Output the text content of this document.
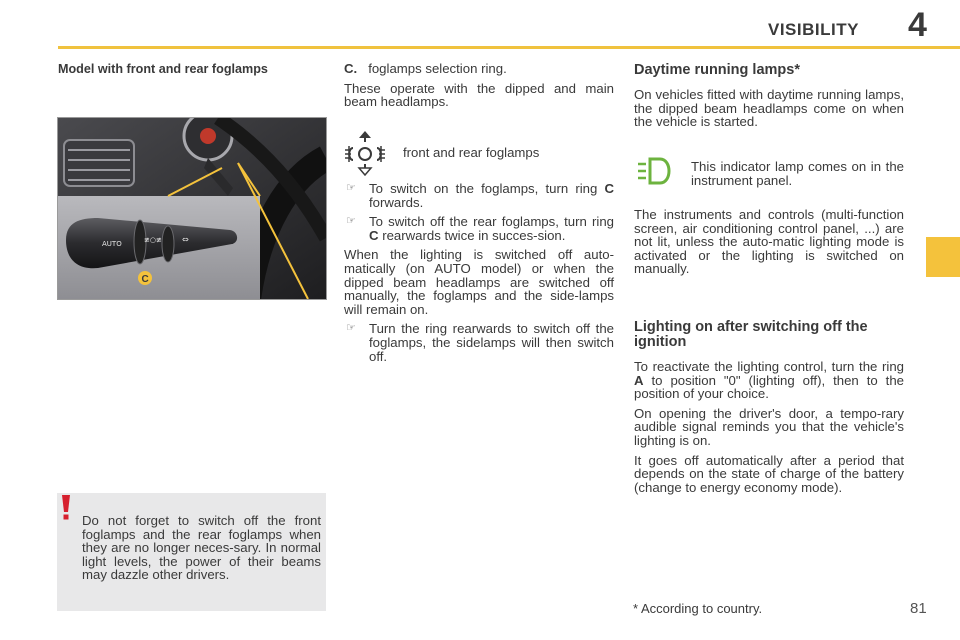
VISIBILITY 4
Model with front and rear foglamps
AUTO	≢○≢	⇔
C
Do not forget to switch off the front foglamps and the rear foglamps when they are no longer neces-sary. In normal light levels, the power of their beams may dazzle other drivers.

C. foglamps selection ring.

These operate with the dipped and main beam headlamps.

front and rear foglamps
☞ To switch on the foglamps, turn ring C forwards.
☞ To switch off the rear foglamps, turn ring C rearwards twice in succes-sion.

When the lighting is switched off auto-matically (on AUTO model) or when the dipped beam headlamps are switched off manually, the foglamps and the side-lamps will remain on.

☞ Turn the ring rearwards to switch off the foglamps, the sidelamps will then switch off.
Daytime running lamps*
On vehicles fitted with daytime running lamps, the dipped beam headlamps come on when the vehicle is started.
This indicator lamp comes on in the instrument panel.
The instruments and controls (multi-function screen, air conditioning control panel, ...) are not lit, unless the auto-matic lighting mode is activated or the lighting is switched on manually.
Lighting on after switching off the ignition

To reactivate the lighting control, turn the ring A to position "0" (lighting off), then to the position of your choice.

On opening the driver's door, a tempo-rary audible signal reminds you that the vehicle's lighting is on.

It goes off automatically after a period that depends on the state of charge of the battery (change to energy economy mode).

* According to country.	81
